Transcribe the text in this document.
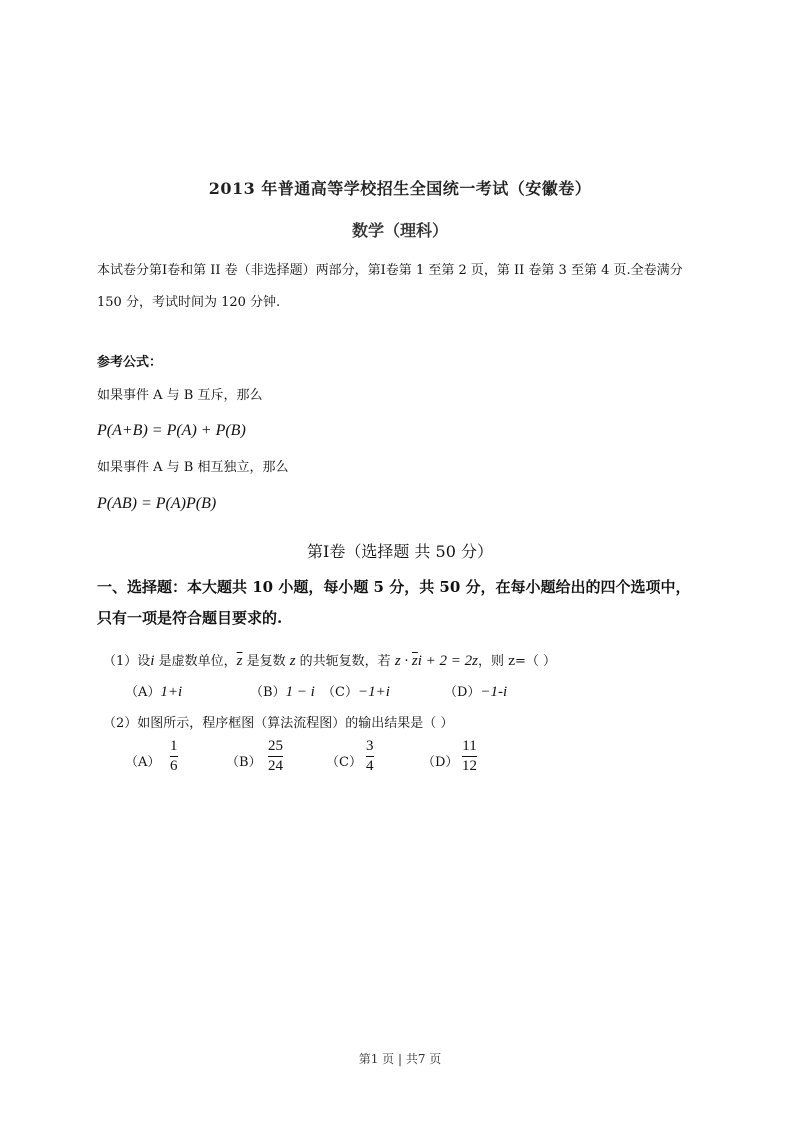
2013 年普通高等学校招生全国统一考试（安徽卷）
数学（理科）
本试卷分第I卷和第 II 卷（非选择题）两部分，第I卷第 1 至第 2 页，第 II 卷第 3 至第 4 页.全卷满分
150 分，考试时间为 120 分钟.
参考公式：
如果事件 A 与 B 互斥，那么
P(A+B) = P(A) + P(B)
如果事件 A 与 B 相互独立，那么
P(AB) = P(A)P(B)
第I卷（选择题 共 50 分）
一、选择题：本大题共 10 小题，每小题 5 分，共 50 分，在每小题给出的四个选项中，
只有一项是符合题目要求的.
（1）设i 是虚数单位，$\overline{z}$ 是复数 z 的共轭复数，若 $z \cdot \overline{z}i + 2 = 2z$，则 z=（ ）
（A）1+i	（B）1 − i （C）−1+i	（D）−1-i
（2）如图所示，程序框图（算法流程图）的输出结果是（ ）
（A）
1
6	（B）
25
24	（C）
3
4	（D）
11
12
第1 页 | 共7 页
